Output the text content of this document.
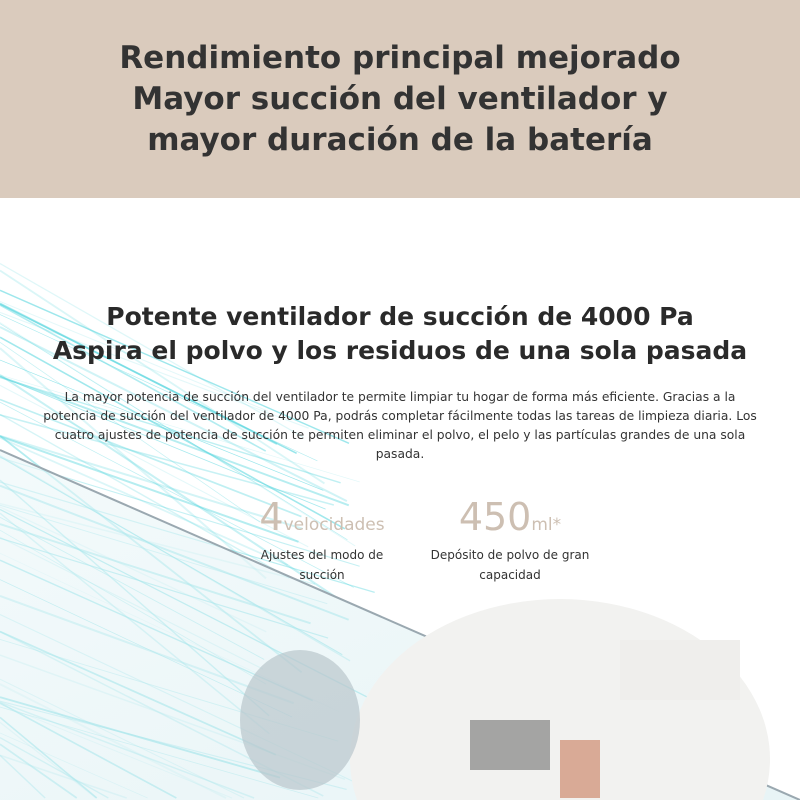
Rendimiento principal mejorado
Mayor succión del ventilador y
mayor duración de la batería
Potente ventilador de succión de 4000 Pa
Aspira el polvo y los residuos de una sola pasada

La mayor potencia de succión del ventilador te permite limpiar tu hogar de forma más eficiente. Gracias a la potencia de succión del ventilador de 4000 Pa, podrás completar fácilmente todas las tareas de limpieza diaria. Los cuatro ajustes de potencia de succión te permiten eliminar el polvo, el pelo y las partículas grandes de una sola pasada.

4velocidades
Ajustes del modo de
succión
450ml*
Depósito de polvo de gran
capacidad
